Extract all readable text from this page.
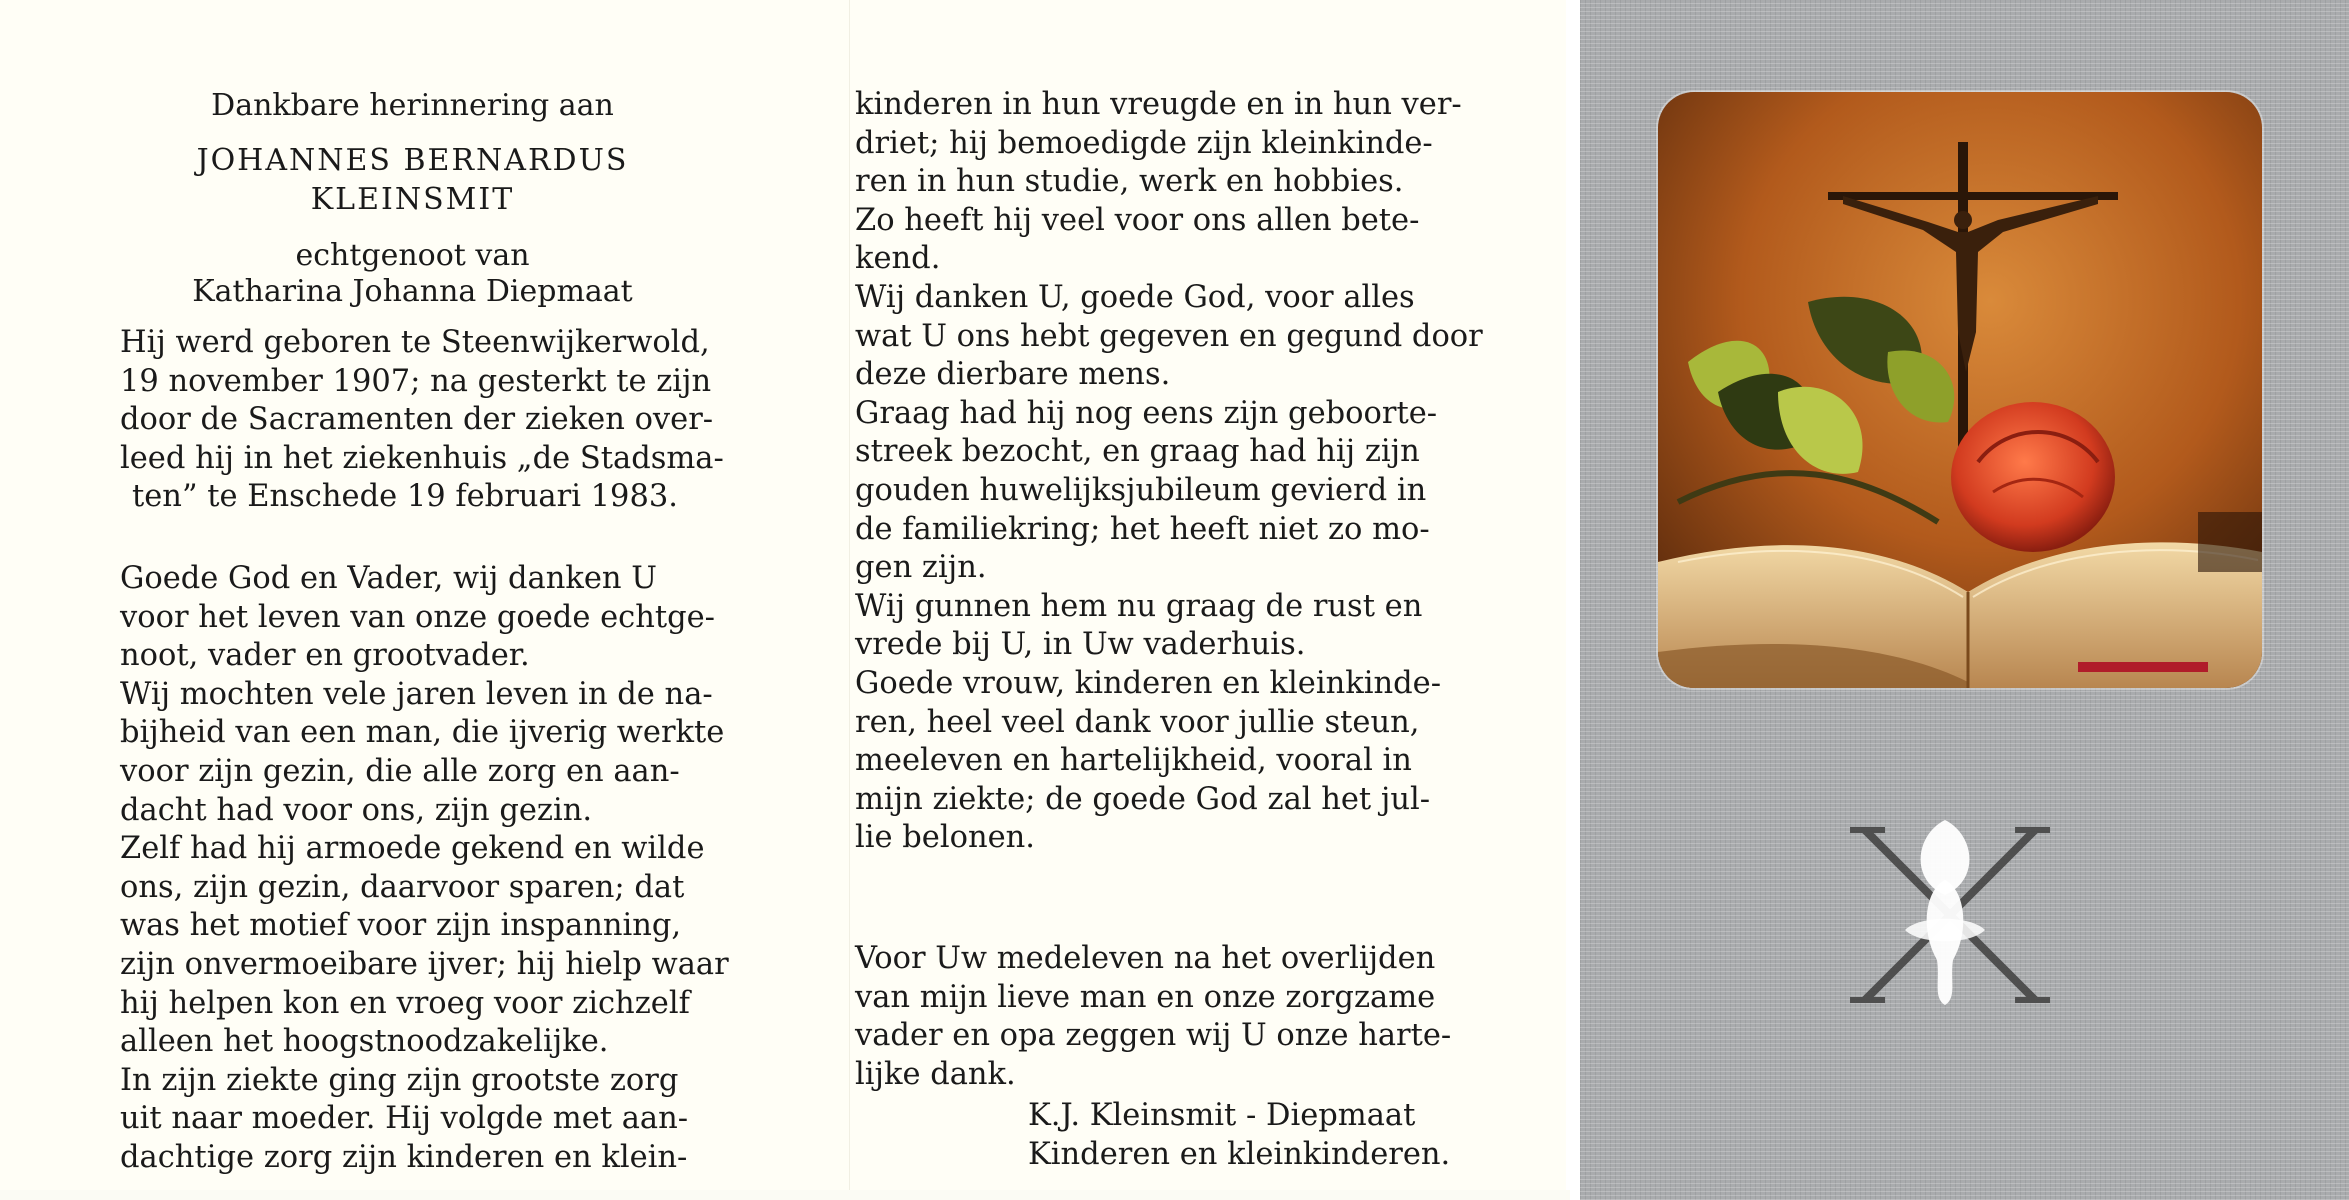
Dankbare herinnering aan
JOHANNES BERNARDUS
KLEINSMIT
echtgenoot van
Katharina Johanna Diepmaat
Hij werd geboren te Steenwijkerwold,
19 november 1907; na gesterkt te zijn
door de Sacramenten der zieken over-
leed hij in het ziekenhuis „de Stadsma-
ten” te Enschede 19 februari 1983.
Goede God en Vader, wij danken U
voor het leven van onze goede echtge-
noot, vader en grootvader.
Wij mochten vele jaren leven in de na-
bijheid van een man, die ijverig werkte
voor zijn gezin, die alle zorg en aan-
dacht had voor ons, zijn gezin.
Zelf had hij armoede gekend en wilde
ons, zijn gezin, daarvoor sparen; dat
was het motief voor zijn inspanning,
zijn onvermoeibare ijver; hij hielp waar
hij helpen kon en vroeg voor zichzelf
alleen het hoogstnoodzakelijke.
In zijn ziekte ging zijn grootste zorg
uit naar moeder. Hij volgde met aan-
dachtige zorg zijn kinderen en klein-
kinderen in hun vreugde en in hun ver-
driet; hij bemoedigde zijn kleinkinde-
ren in hun studie, werk en hobbies.
Zo heeft hij veel voor ons allen bete-
kend.
Wij danken U, goede God, voor alles
wat U ons hebt gegeven en gegund door
deze dierbare mens.
Graag had hij nog eens zijn geboorte-
streek bezocht, en graag had hij zijn
gouden huwelijksjubileum gevierd in
de familiekring; het heeft niet zo mo-
gen zijn.
Wij gunnen hem nu graag de rust en
vrede bij U, in Uw vaderhuis.
Goede vrouw, kinderen en kleinkinde-
ren, heel veel dank voor jullie steun,
meeleven en hartelijkheid, vooral in
mijn ziekte; de goede God zal het jul-
lie belonen.
Voor Uw medeleven na het overlijden
van mijn lieve man en onze zorgzame
vader en opa zeggen wij U onze harte-
lijke dank.
K.J. Kleinsmit - Diepmaat
Kinderen en kleinkinderen.
